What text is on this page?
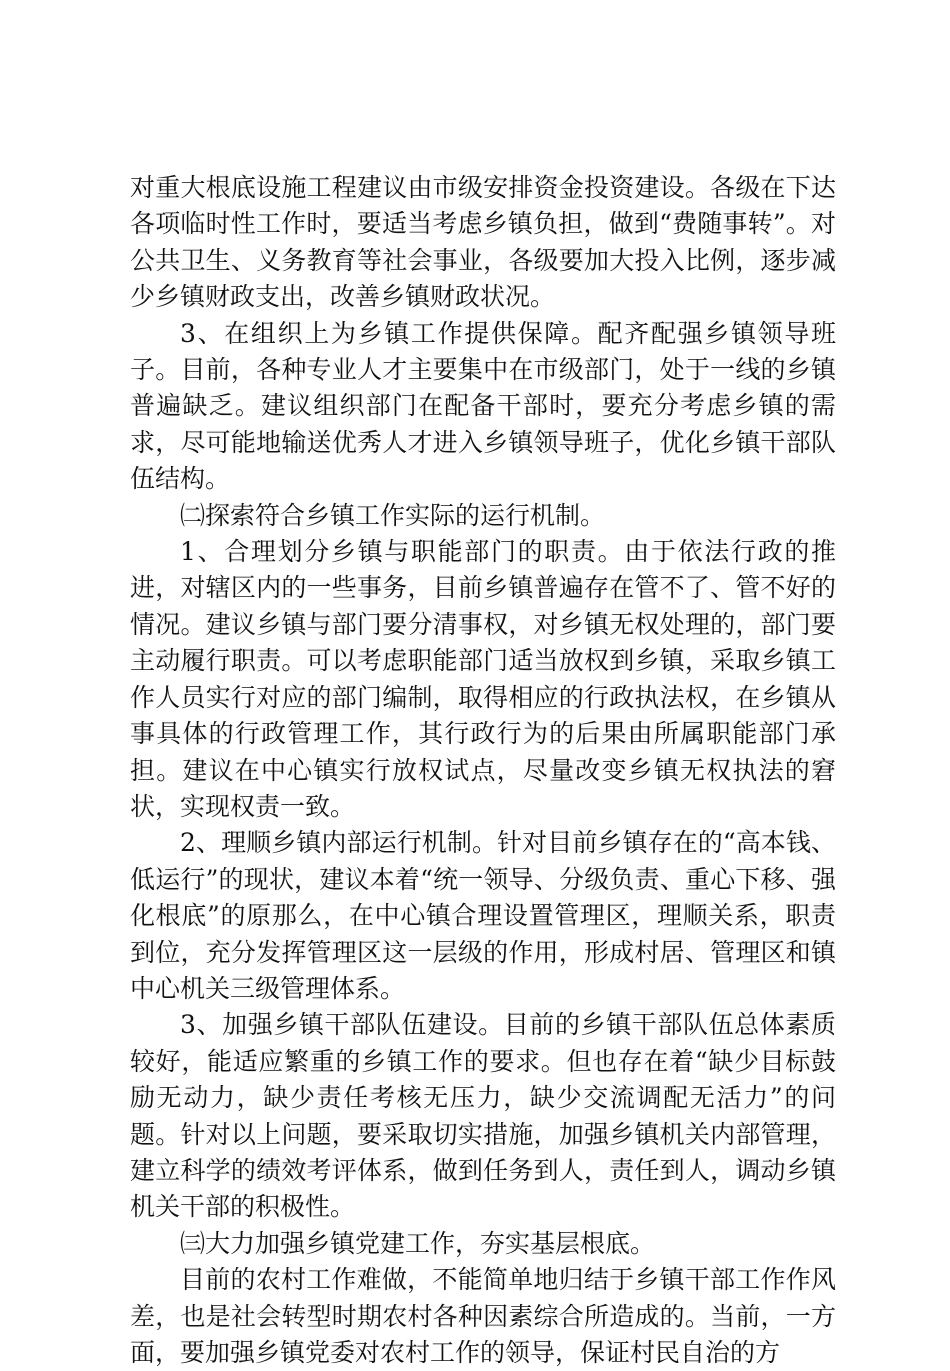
对重大根底设施工程建议由市级安排资金投资建设。各级在下达各项临时性工作时，要适当考虑乡镇负担，做到“费随事转”。对公共卫生、义务教育等社会事业，各级要加大投入比例，逐步减少乡镇财政支出，改善乡镇财政状况。

3、在组织上为乡镇工作提供保障。配齐配强乡镇领导班子。目前，各种专业人才主要集中在市级部门，处于一线的乡镇普遍缺乏。建议组织部门在配备干部时，要充分考虑乡镇的需求，尽可能地输送优秀人才进入乡镇领导班子，优化乡镇干部队伍结构。

㈡探索符合乡镇工作实际的运行机制。

1、合理划分乡镇与职能部门的职责。由于依法行政的推进，对辖区内的一些事务，目前乡镇普遍存在管不了、管不好的情况。建议乡镇与部门要分清事权，对乡镇无权处理的，部门要主动履行职责。可以考虑职能部门适当放权到乡镇，采取乡镇工作人员实行对应的部门编制，取得相应的行政执法权，在乡镇从事具体的行政管理工作，其行政行为的后果由所属职能部门承担。建议在中心镇实行放权试点，尽量改变乡镇无权执法的窘状，实现权责一致。

2、理顺乡镇内部运行机制。针对目前乡镇存在的“高本钱、低运行”的现状，建议本着“统一领导、分级负责、重心下移、强化根底”的原那么，在中心镇合理设置管理区，理顺关系，职责到位，充分发挥管理区这一层级的作用，形成村居、管理区和镇中心机关三级管理体系。

3、加强乡镇干部队伍建设。目前的乡镇干部队伍总体素质较好，能适应繁重的乡镇工作的要求。但也存在着“缺少目标鼓励无动力，缺少责任考核无压力，缺少交流调配无活力”的问题。针对以上问题，要采取切实措施，加强乡镇机关内部管理，建立科学的绩效考评体系，做到任务到人，责任到人，调动乡镇机关干部的积极性。

㈢大力加强乡镇党建工作，夯实基层根底。

目前的农村工作难做，不能简单地归结于乡镇干部工作作风差，也是社会转型时期农村各种因素综合所造成的。当前，一方面，要加强乡镇党委对农村工作的领导，保证村民自治的方
